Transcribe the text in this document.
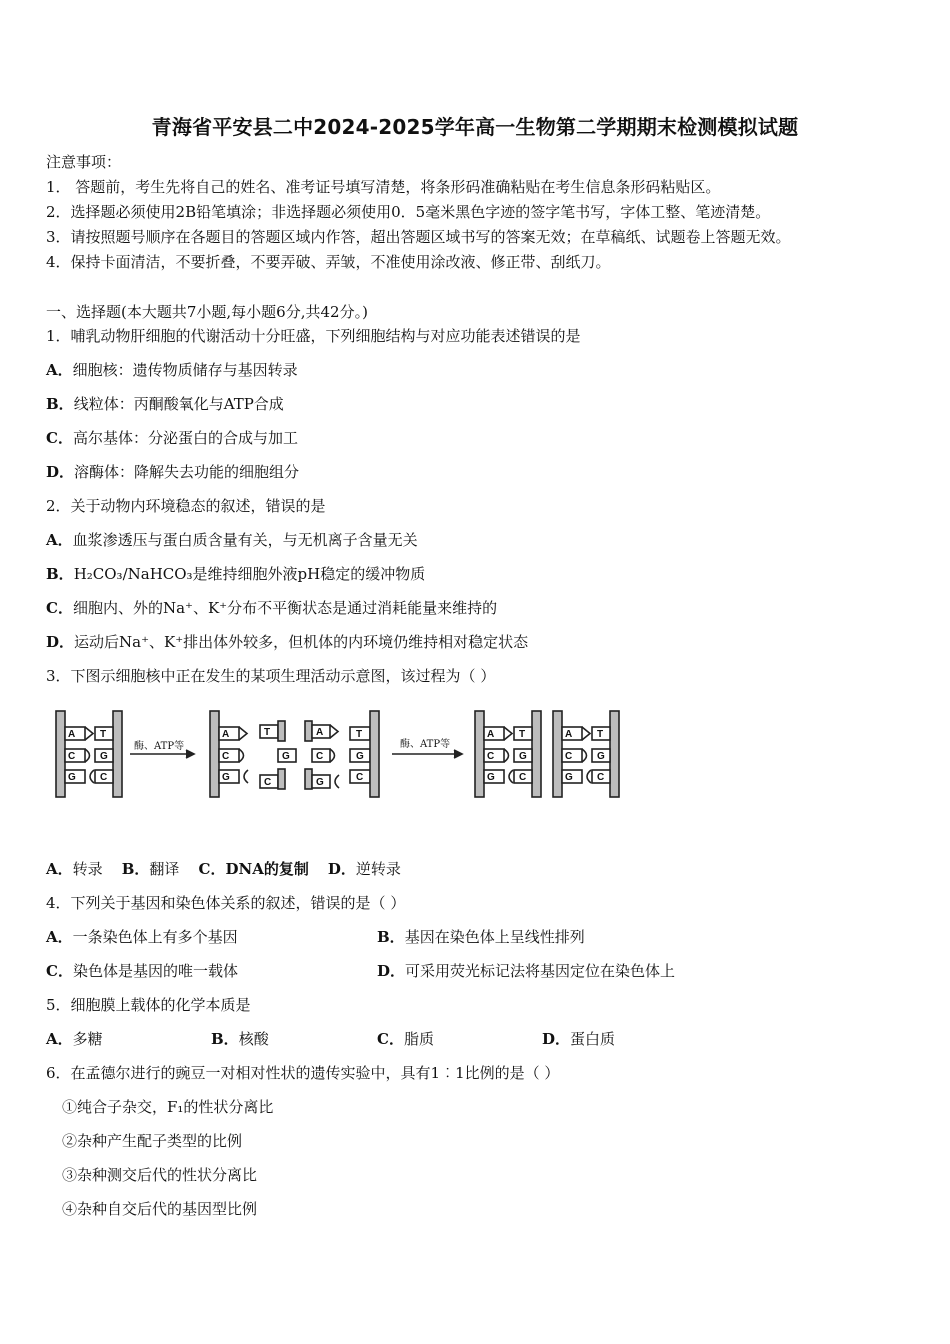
青海省平安县二中2024-2025学年高一生物第二学期期末检测模拟试题
注意事项：
1． 答题前，考生先将自己的姓名、准考证号填写清楚，将条形码准确粘贴在考生信息条形码粘贴区。
2．选择题必须使用2B铅笔填涂；非选择题必须使用0．5毫米黑色字迹的签字笔书写，字体工整、笔迹清楚。
3．请按照题号顺序在各题目的答题区域内作答，超出答题区域书写的答案无效；在草稿纸、试题卷上答题无效。
4．保持卡面清洁，不要折叠，不要弄破、弄皱，不准使用涂改液、修正带、刮纸刀。
一、选择题(本大题共7小题,每小题6分,共42分。)
1．哺乳动物肝细胞的代谢活动十分旺盛，下列细胞结构与对应功能表述错误的是
A．细胞核：遗传物质储存与基因转录
B．线粒体：丙酮酸氧化与ATP合成
C．高尔基体：分泌蛋白的合成与加工
D．溶酶体：降解失去功能的细胞组分
2．关于动物内环境稳态的叙述，错误的是
A．血浆渗透压与蛋白质含量有关，与无机离子含量无关
B．H₂CO₃/NaHCO₃是维持细胞外液pH稳定的缓冲物质
C．细胞内、外的Na⁺、K⁺分布不平衡状态是通过消耗能量来维持的
D．运动后Na⁺、K⁺排出体外较多，但机体的内环境仍维持相对稳定状态
3．下图示细胞核中正在发生的某项生理活动示意图，该过程为（ ）
A T
C G
G C
A	T
C	G
G	C
A	T
C	G
G	C
A T
C G
G C
A T
C G
G C
酶、ATP等	酶、ATP等
A．转录 B．翻译 C．DNA的复制 D．逆转录
4．下列关于基因和染色体关系的叙述，错误的是（ ）
A．一条染色体上有多个基因	B．基因在染色体上呈线性排列
C．染色体是基因的唯一载体	D．可采用荧光标记法将基因定位在染色体上
5．细胞膜上载体的化学本质是
A．多糖	B．核酸	C．脂质	D．蛋白质
6．在孟德尔进行的豌豆一对相对性状的遗传实验中，具有1︰1比例的是（ ）
①纯合子杂交，F₁的性状分离比
②杂种产生配子类型的比例
③杂种测交后代的性状分离比
④杂种自交后代的基因型比例
